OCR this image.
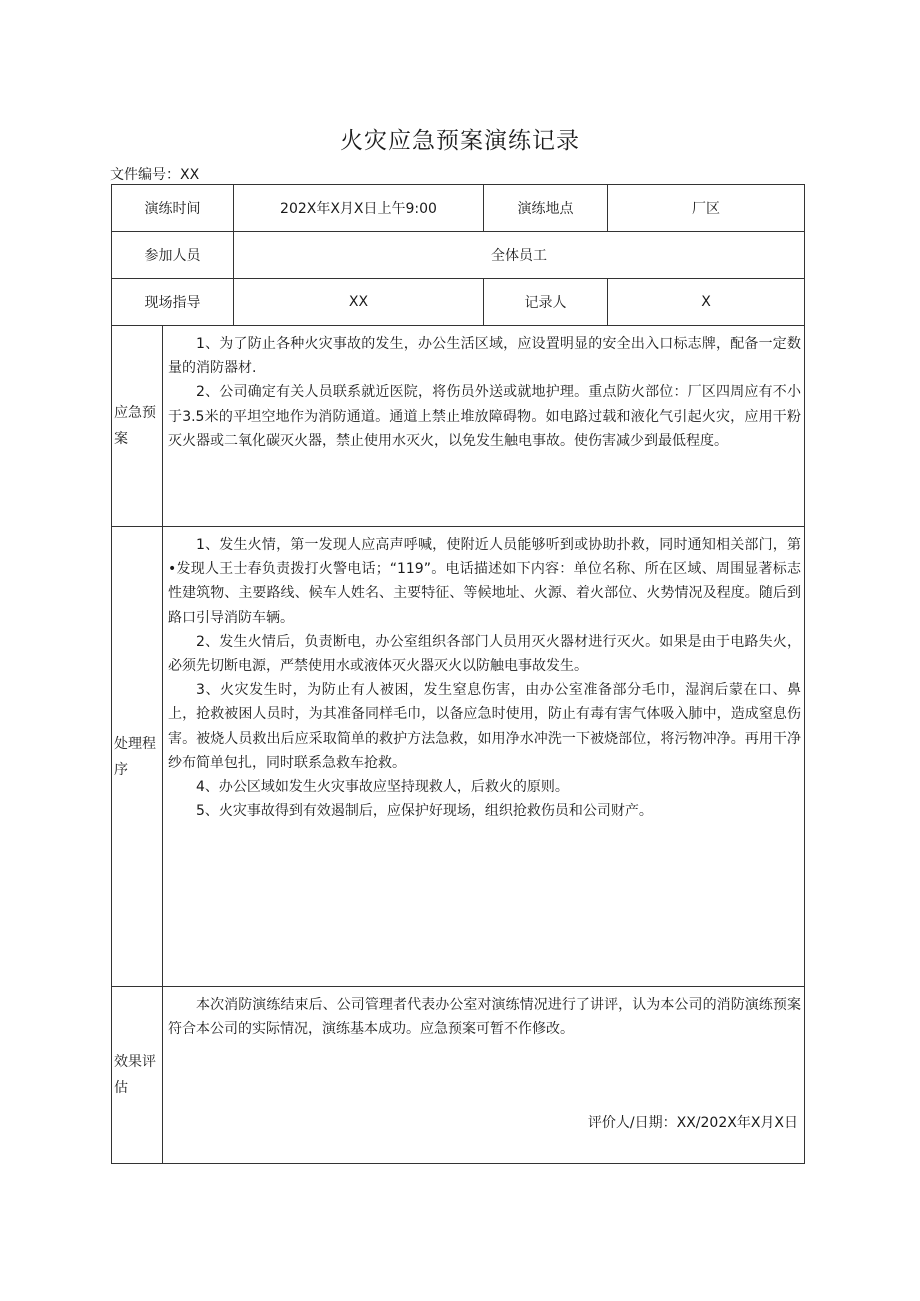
火灾应急预案演练记录
文件编号：XX
演练时间		202X年X月X日上午9:00	演练地点	厂区
参加人员		全体员工		
现场指导		XX	记录人	X
应急预案	1、为了防止各种火灾事故的发生，办公生活区域，应设置明显的安全出入口标志牌，配备一定数量的消防器材.

2、公司确定有关人员联系就近医院，将伤员外送或就地护理。重点防火部位：厂区四周应有不小于3.5米的平坦空地作为消防通道。通道上禁止堆放障碍物。如电路过载和液化气引起火灾，应用干粉灭火器或二氧化碳灭火器，禁止使用水灭火，以免发生触电事故。使伤害减少到最低程度。			

处理程序	1、发生火情，第一发现人应高声呼喊，使附近人员能够听到或协助扑救，同时通知相关部门，第•发现人王士春负责拨打火警电话；“119”。电话描述如下内容：单位名称、所在区域、周围显著标志性建筑物、主要路线、候车人姓名、主要特征、等候地址、火源、着火部位、火势情况及程度。随后到路口引导消防车辆。

2、发生火情后，负责断电，办公室组织各部门人员用灭火器材进行灭火。如果是由于电路失火，必须先切断电源，严禁使用水或液体灭火器灭火以防触电事故发生。

3、火灾发生时，为防止有人被困，发生窒息伤害，由办公室准备部分毛巾，湿润后蒙在口、鼻上，抢救被困人员时，为其准备同样毛巾，以备应急时使用，防止有毒有害气体吸入肺中，造成窒息伤害。被烧人员救出后应采取简单的救护方法急救，如用净水冲洗一下被烧部位，将污物冲净。再用干净纱布简单包扎，同时联系急救车抢救。

4、办公区域如发生火灾事故应坚持现救人，后救火的原则。

5、火灾事故得到有效遏制后，应保护好现场，组织抢救伤员和公司财产。			

效果评估	本次消防演练结束后、公司管理者代表办公室对演练情况进行了讲评，认为本公司的消防演练预案符合本公司的实际情况，演练基本成功。应急预案可暂不作修改。

评价人/日期：XX/202X年X月X日			
